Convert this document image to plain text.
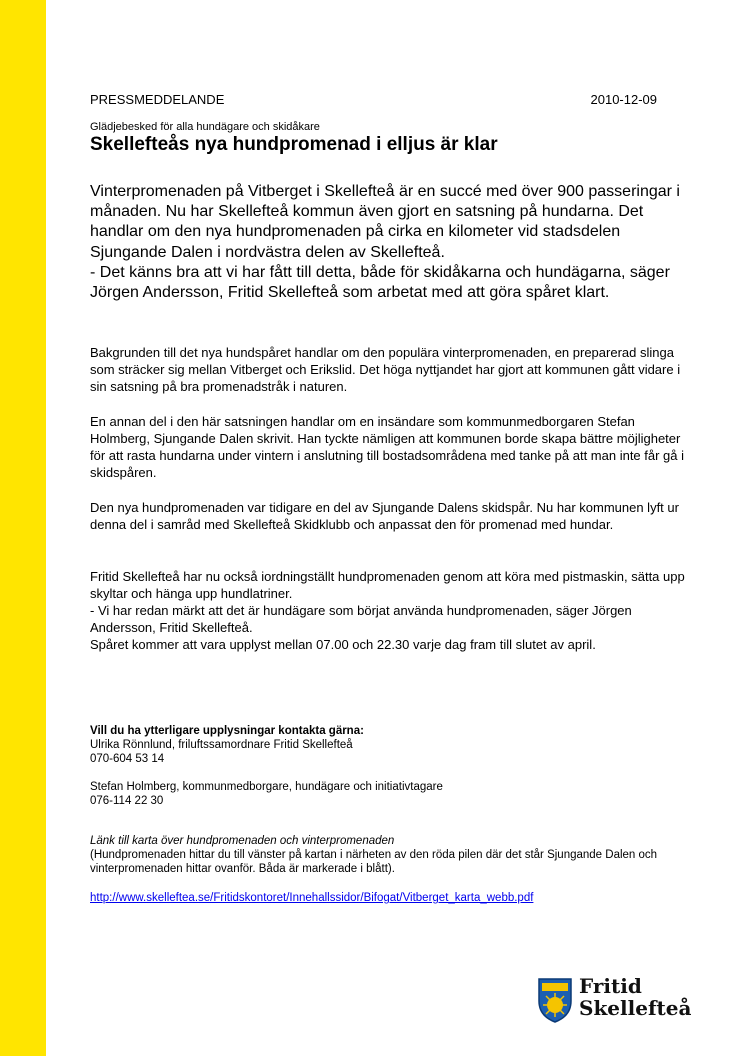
PRESSMEDDELANDE	2010-12-09
Glädjebesked för alla hundägare och skidåkare
Skellefteås nya hundpromenad i elljus är klar
Vinterpromenaden på Vitberget i Skellefteå är en succé med över 900 passeringar i månaden. Nu har Skellefteå kommun även gjort en satsning på hundarna. Det handlar om den nya hundpromenaden på cirka en kilometer vid stadsdelen Sjungande Dalen i nordvästra delen av Skellefteå.
- Det känns bra att vi har fått till detta, både för skidåkarna och hundägarna, säger Jörgen Andersson, Fritid Skellefteå som arbetat med att göra spåret klart.

Bakgrunden till det nya hundspåret handlar om den populära vinterpromenaden, en preparerad slinga som sträcker sig mellan Vitberget och Erikslid. Det höga nyttjandet har gjort att kommunen gått vidare i sin satsning på bra promenadstråk i naturen.

En annan del i den här satsningen handlar om en insändare som kommunmedborgaren Stefan Holmberg, Sjungande Dalen skrivit. Han tyckte nämligen att kommunen borde skapa bättre möjligheter för att rasta hundarna under vintern i anslutning till bostadsområdena med tanke på att man inte får gå i skidspåren.

Den nya hundpromenaden var tidigare en del av Sjungande Dalens skidspår. Nu har kommunen lyft ur denna del i samråd med Skellefteå Skidklubb och anpassat den för promenad med hundar.

Fritid Skellefteå har nu också iordningställt hundpromenaden genom att köra med pistmaskin, sätta upp skyltar och hänga upp hundlatriner.
- Vi har redan märkt att det är hundägare som börjat använda hundpromenaden, säger Jörgen Andersson, Fritid Skellefteå.
Spåret kommer att vara upplyst mellan 07.00 och 22.30 varje dag fram till slutet av april.
Vill du ha ytterligare upplysningar kontakta gärna:
Ulrika Rönnlund, friluftssamordnare Fritid Skellefteå
070-604 53 14
Stefan Holmberg, kommunmedborgare, hundägare och initiativtagare
076-114 22 30
Länk till karta över hundpromenaden och vinterpromenaden
(Hundpromenaden hittar du till vänster på kartan i närheten av den röda pilen där det står Sjungande Dalen och vinterpromenaden hittar ovanför. Båda är markerade i blått).
http://www.skelleftea.se/Fritidskontoret/Innehallssidor/Bifogat/Vitberget_karta_webb.pdf
Fritid
Skellefteå
